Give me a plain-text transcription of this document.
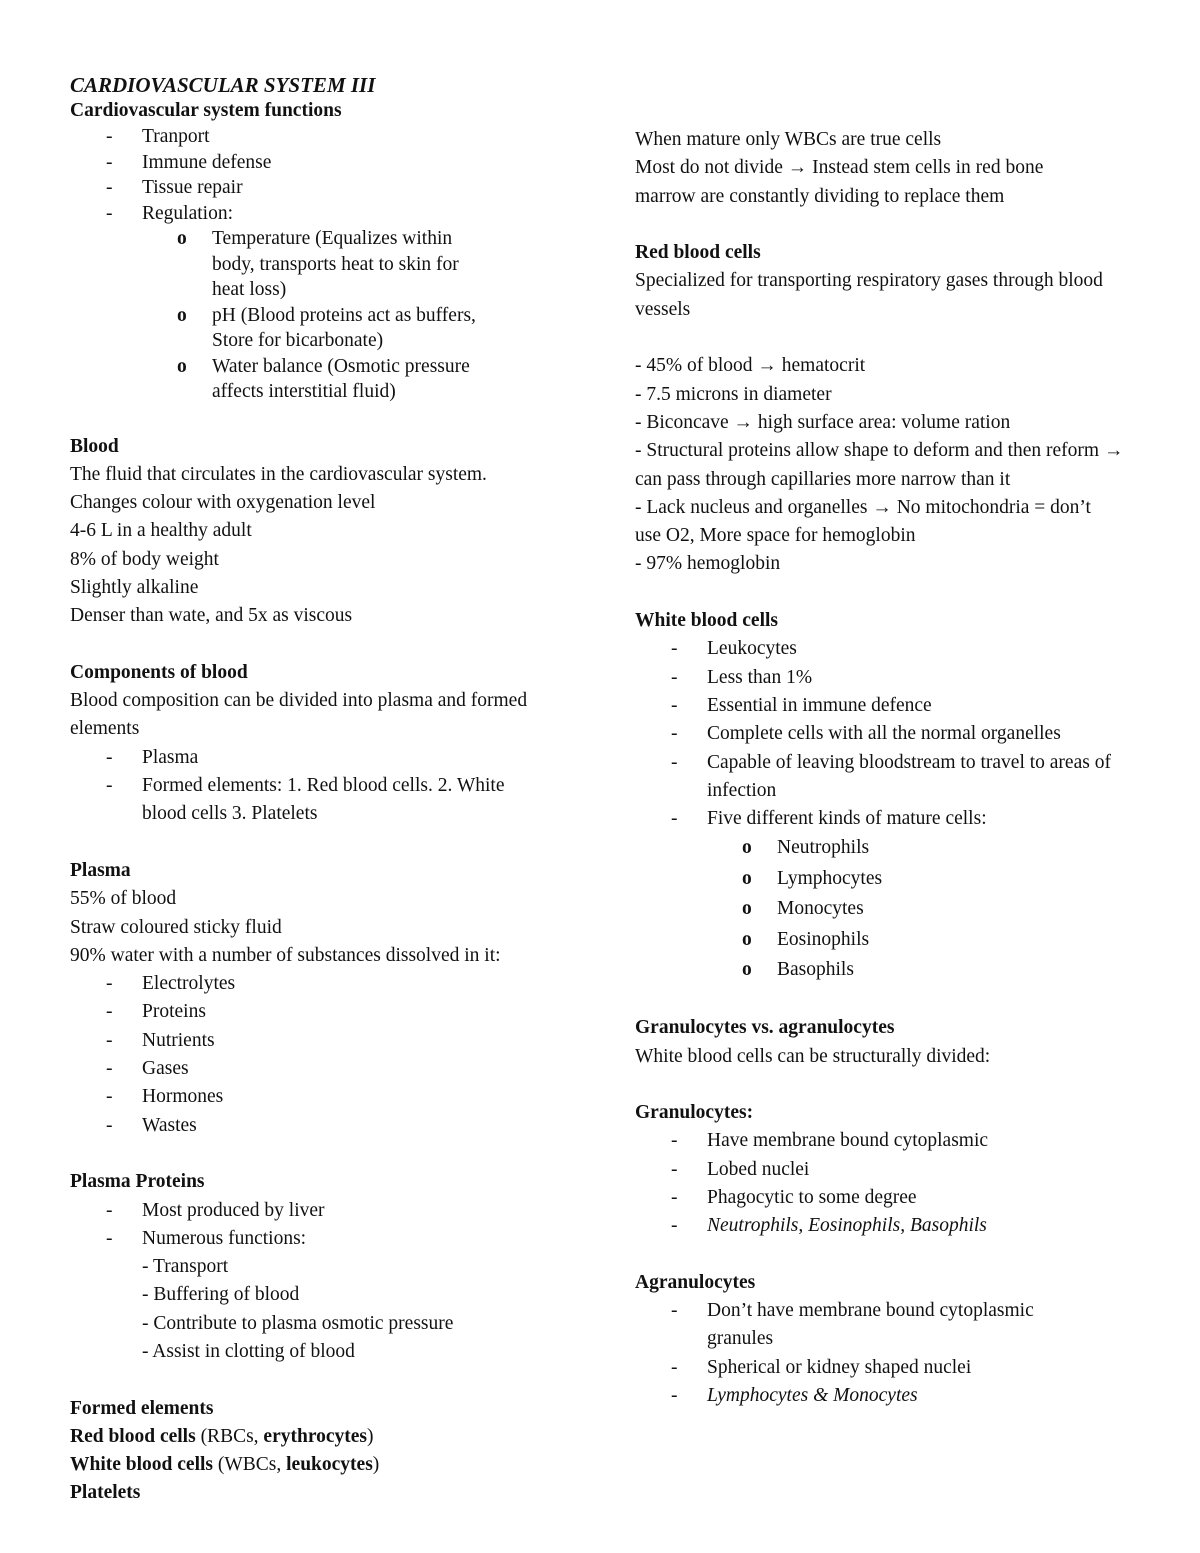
CARDIOVASCULAR SYSTEM III
Cardiovascular system functions
- Tranport
- Immune defense
- Tissue repair
- Regulation:
o Temperature (Equalizes within body, transports heat to skin for heat loss)
o pH (Blood proteins act as buffers, Store for bicarbonate)
o Water balance (Osmotic pressure affects interstitial fluid)
Blood
The fluid that circulates in the cardiovascular system.
Changes colour with oxygenation level
4-6 L in a healthy adult
8% of body weight
Slightly alkaline
Denser than wate, and 5x as viscous
Components of blood
Blood composition can be divided into plasma and formed elements
- Plasma
- Formed elements: 1. Red blood cells. 2. White blood cells 3. Platelets
Plasma
55% of blood
Straw coloured sticky fluid
90% water with a number of substances dissolved in it:
- Electrolytes
- Proteins
- Nutrients
- Gases
- Hormones
- Wastes
Plasma Proteins
- Most produced by liver
- Numerous functions:
- Transport
- Buffering of blood
- Contribute to plasma osmotic pressure
- Assist in clotting of blood
Formed elements
Red blood cells (RBCs, erythrocytes)
White blood cells (WBCs, leukocytes)
Platelets
When mature only WBCs are true cells
Most do not divide → Instead stem cells in red bone marrow are constantly dividing to replace them
Red blood cells
Specialized for transporting respiratory gases through blood vessels
- 45% of blood → hematocrit
- 7.5 microns in diameter
- Biconcave → high surface area: volume ration
- Structural proteins allow shape to deform and then reform → can pass through capillaries more narrow than it
- Lack nucleus and organelles → No mitochondria = don’t use O2, More space for hemoglobin
- 97% hemoglobin
White blood cells
- Leukocytes
- Less than 1%
- Essential in immune defence
- Complete cells with all the normal organelles
- Capable of leaving bloodstream to travel to areas of infection
- Five different kinds of mature cells:
o Neutrophils
o Lymphocytes
o Monocytes
o Eosinophils
o Basophils
Granulocytes vs. agranulocytes
White blood cells can be structurally divided:
Granulocytes:
- Have membrane bound cytoplasmic
- Lobed nuclei
- Phagocytic to some degree
- Neutrophils, Eosinophils, Basophils
Agranulocytes
- Don’t have membrane bound cytoplasmic granules
- Spherical or kidney shaped nuclei
- Lymphocytes & Monocytes
